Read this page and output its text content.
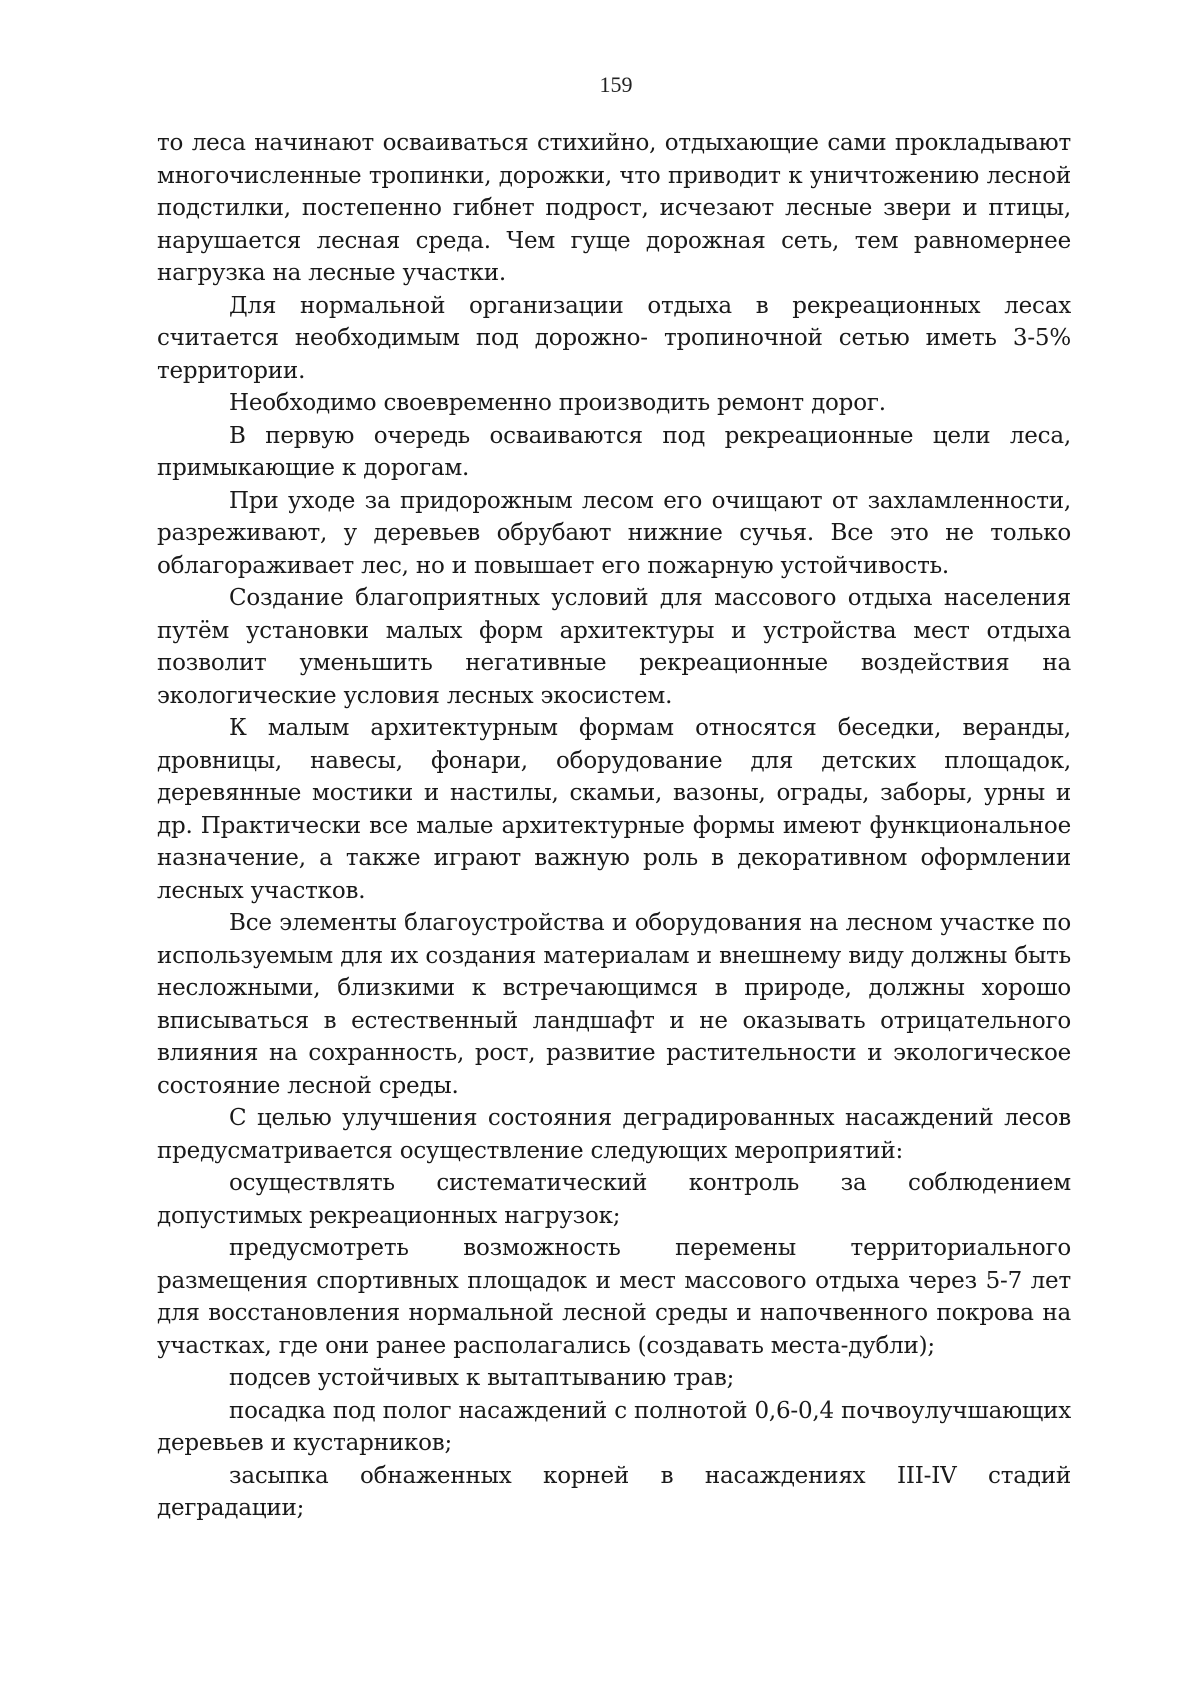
159

то леса начинают осваиваться стихийно, отдыхающие сами прокладывают многочисленные тропинки, дорожки, что приводит к уничтожению лесной подстилки, постепенно гибнет подрост, исчезают лесные звери и птицы, нарушается лесная среда. Чем гуще дорожная сеть, тем равномернее нагрузка на лесные участки.

Для нормальной организации отдыха в рекреационных лесах считается необходимым под дорожно- тропиночной сетью иметь 3-5% территории.

Необходимо своевременно производить ремонт дорог.

В первую очередь осваиваются под рекреационные цели леса, примыкающие к дорогам.

При уходе за придорожным лесом его очищают от захламленности, разреживают, у деревьев обрубают нижние сучья. Все это не только облагораживает лес, но и повышает его пожарную устойчивость.

Создание благоприятных условий для массового отдыха населения путём установки малых форм архитектуры и устройства мест отдыха позволит уменьшить негативные рекреационные воздействия на экологические условия лесных экосистем.

К малым архитектурным формам относятся беседки, веранды, дровницы, навесы, фонари, оборудование для детских площадок, деревянные мостики и настилы, скамьи, вазоны, ограды, заборы, урны и др. Практически все малые архитектурные формы имеют функциональное назначение, а также играют важную роль в декоративном оформлении лесных участков.

Все элементы благоустройства и оборудования на лесном участке по используемым для их создания материалам и внешнему виду должны быть несложными, близкими к встречающимся в природе, должны хорошо вписываться в естественный ландшафт и не оказывать отрицательного влияния на сохранность, рост, развитие растительности и экологическое состояние лесной среды.

С целью улучшения состояния деградированных насаждений лесов предусматривается осуществление следующих мероприятий:

осуществлять систематический контроль за соблюдением допустимых рекреационных нагрузок;

предусмотреть возможность перемены территориального размещения спортивных площадок и мест массового отдыха через 5-7 лет для восстановления нормальной лесной среды и напочвенного покрова на участках, где они ранее располагались (создавать места-дубли);

подсев устойчивых к вытаптыванию трав;

посадка под полог насаждений с полнотой 0,6-0,4 почвоулучшающих деревьев и кустарников;

засыпка обнаженных корней в насаждениях III-IV стадий деградации;
